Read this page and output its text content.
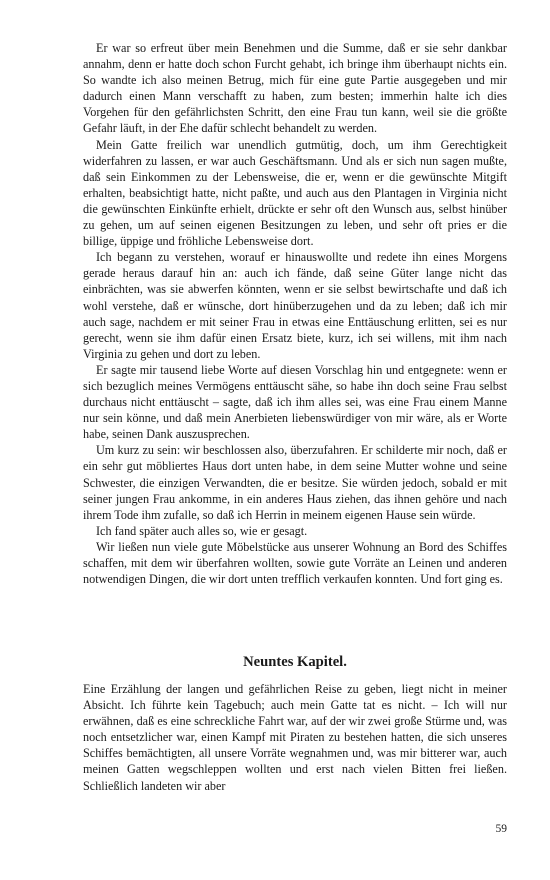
Er war so erfreut über mein Benehmen und die Summe, daß er sie sehr dankbar annahm, denn er hatte doch schon Furcht gehabt, ich bringe ihm überhaupt nichts ein. So wandte ich also meinen Betrug, mich für eine gute Partie ausgegeben und mir dadurch einen Mann verschafft zu haben, zum besten; immerhin halte ich dies Vorgehen für den gefährlichsten Schritt, den eine Frau tun kann, weil sie die größte Gefahr läuft, in der Ehe dafür schlecht behandelt zu werden.

Mein Gatte freilich war unendlich gutmütig, doch, um ihm Gerechtigkeit widerfahren zu lassen, er war auch Geschäftsmann. Und als er sich nun sagen mußte, daß sein Einkommen zu der Lebensweise, die er, wenn er die gewünschte Mitgift erhalten, beabsichtigt hatte, nicht paßte, und auch aus den Plantagen in Virginia nicht die gewünschten Einkünfte erhielt, drückte er sehr oft den Wunsch aus, selbst hinüber zu gehen, um auf seinen eigenen Besitzungen zu leben, und sehr oft pries er die billige, üppige und fröhliche Lebensweise dort.

Ich begann zu verstehen, worauf er hinauswollte und redete ihn eines Morgens gerade heraus darauf hin an: auch ich fände, daß seine Güter lange nicht das einbrächten, was sie abwerfen könnten, wenn er sie selbst bewirtschafte und daß ich wohl verstehe, daß er wünsche, dort hinüberzugehen und da zu leben; daß ich mir auch sage, nachdem er mit seiner Frau in etwas eine Enttäuschung erlitten, sei es nur gerecht, wenn sie ihm dafür einen Ersatz biete, kurz, ich sei willens, mit ihm nach Virginia zu gehen und dort zu leben.

Er sagte mir tausend liebe Worte auf diesen Vorschlag hin und entgegnete: wenn er sich bezuglich meines Vermögens enttäuscht sähe, so habe ihn doch seine Frau selbst durchaus nicht enttäuscht – sagte, daß ich ihm alles sei, was eine Frau einem Manne nur sein könne, und daß mein Anerbieten liebenswürdiger von mir wäre, als er Worte habe, seinen Dank auszusprechen.

Um kurz zu sein: wir beschlossen also, überzufahren. Er schilderte mir noch, daß er ein sehr gut möbliertes Haus dort unten habe, in dem seine Mutter wohne und seine Schwester, die einzigen Verwandten, die er besitze. Sie würden jedoch, sobald er mit seiner jungen Frau ankomme, in ein anderes Haus ziehen, das ihnen gehöre und nach ihrem Tode ihm zufalle, so daß ich Herrin in meinem eigenen Hause sein würde.

Ich fand später auch alles so, wie er gesagt.

Wir ließen nun viele gute Möbelstücke aus unserer Wohnung an Bord des Schiffes schaffen, mit dem wir überfahren wollten, sowie gute Vorräte an Leinen und anderen notwendigen Dingen, die wir dort unten trefflich verkaufen konnten. Und fort ging es.

Neuntes Kapitel.

Eine Erzählung der langen und gefährlichen Reise zu geben, liegt nicht in meiner Absicht. Ich führte kein Tagebuch; auch mein Gatte tat es nicht. – Ich will nur erwähnen, daß es eine schreckliche Fahrt war, auf der wir zwei große Stürme und, was noch entsetzlicher war, einen Kampf mit Piraten zu bestehen hatten, die sich unseres Schiffes bemächtigten, all unsere Vorräte wegnahmen und, was mir bitterer war, auch meinen Gatten wegschleppen wollten und erst nach vielen Bitten frei ließen. Schließlich landeten wir aber

59
